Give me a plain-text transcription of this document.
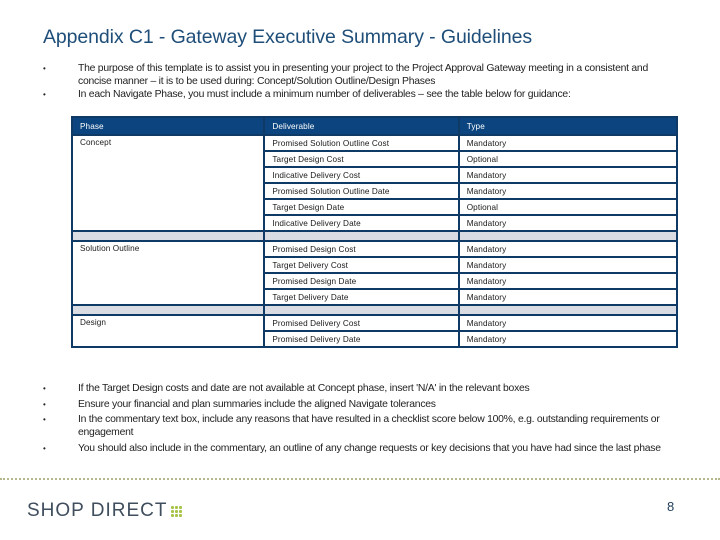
Appendix C1 - Gateway Executive Summary - Guidelines

•	The purpose of this template is to assist you in presenting your project to the Project Approval Gateway meeting in a consistent and concise manner – it is to be used during: Concept/Solution Outline/Design Phases

•	In each Navigate Phase, you must include a minimum number of deliverables – see the table below for guidance:

Phase	Deliverable	Type
Concept	Promised Solution Outline Cost	Mandatory
	Target Design Cost	Optional
	Indicative Delivery Cost	Mandatory
	Promised Solution Outline Date	Mandatory
	Target Design Date	Optional
	Indicative Delivery Date	Mandatory

Solution Outline	Promised Design Cost	Mandatory
	Target Delivery Cost	Mandatory
	Promised Design Date	Mandatory
	Target Delivery Date	Mandatory

Design	Promised Delivery Cost	Mandatory
	Promised Delivery Date	Mandatory

•	If the Target Design costs and date are not available at Concept phase, insert 'N/A' in the relevant boxes

•	Ensure your financial and plan summaries include the aligned Navigate tolerances

•	In the commentary text box, include any reasons that have resulted in a checklist score below 100%, e.g. outstanding requirements or engagement

•	You should also include in the commentary, an outline of any change requests or key decisions that you have had since the last phase

SHOP DIRECT	8
